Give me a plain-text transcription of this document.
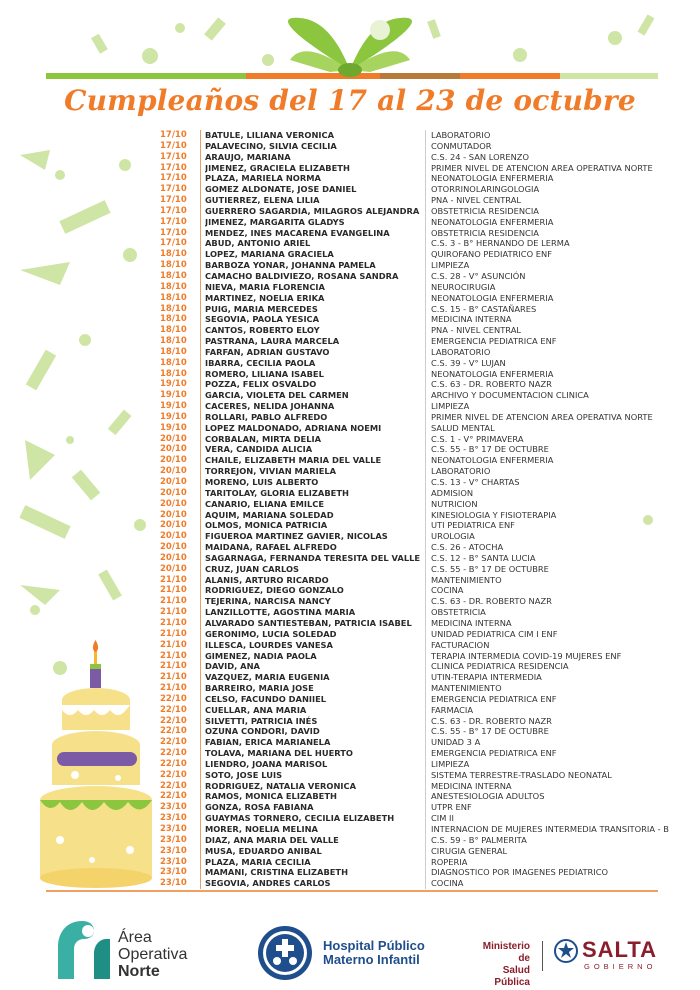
Cumpleaños del 17 al 23 de octubre
17/10	BATULE, LILIANA VERONICA	LABORATORIO
17/10	PALAVECINO, SILVIA CECILIA	CONMUTADOR
17/10	ARAUJO, MARIANA	C.S. 24 - SAN LORENZO
17/10	JIMENEZ, GRACIELA ELIZABETH	PRIMER NIVEL DE ATENCION AREA OPERATIVA NORTE
17/10	PLAZA, MARIELA NORMA	NEONATOLOGIA ENFERMERIA
17/10	GOMEZ ALDONATE, JOSE DANIEL	OTORRINOLARINGOLOGIA
17/10	GUTIERREZ, ELENA LILIA	PNA - NIVEL CENTRAL
17/10	GUERRERO SAGARDIA, MILAGROS ALEJANDRA	OBSTETRICIA RESIDENCIA
17/10	JIMENEZ, MARGARITA GLADYS	NEONATOLOGIA ENFERMERIA
17/10	MENDEZ, INES MACARENA EVANGELINA	OBSTETRICIA RESIDENCIA
17/10	ABUD, ANTONIO ARIEL	C.S. 3 - B° HERNANDO DE LERMA
18/10	LOPEZ, MARIANA GRACIELA	QUIROFANO PEDIATRICO ENF
18/10	BARBOZA YONAR, JOHANNA PAMELA	LIMPIEZA
18/10	CAMACHO BALDIVIEZO, ROSANA SANDRA	C.S. 28 - V° ASUNCIÓN
18/10	NIEVA, MARIA FLORENCIA	NEUROCIRUGIA
18/10	MARTINEZ, NOELIA ERIKA	NEONATOLOGIA ENFERMERIA
18/10	PUIG, MARIA MERCEDES	C.S. 15 - B° CASTAÑARES
18/10	SEGOVIA, PAOLA YESICA	MEDICINA INTERNA
18/10	CANTOS, ROBERTO ELOY	PNA - NIVEL CENTRAL
18/10	PASTRANA, LAURA MARCELA	EMERGENCIA PEDIATRICA ENF
18/10	FARFAN, ADRIAN GUSTAVO	LABORATORIO
18/10	IBARRA, CECILIA PAOLA	C.S. 39 - V° LUJAN
18/10	ROMERO, LILIANA ISABEL	NEONATOLOGIA ENFERMERIA
19/10	POZZA, FELIX OSVALDO	C.S. 63 - DR. ROBERTO NAZR
19/10	GARCIA, VIOLETA DEL CARMEN	ARCHIVO Y DOCUMENTACION CLINICA
19/10	CACERES, NELIDA JOHANNA	LIMPIEZA
19/10	ROLLARI, PABLO ALFREDO	PRIMER NIVEL DE ATENCION AREA OPERATIVA NORTE
19/10	LOPEZ MALDONADO, ADRIANA NOEMI	SALUD MENTAL
20/10	CORBALAN, MIRTA DELIA	C.S. 1 - V° PRIMAVERA
20/10	VERA, CANDIDA ALICIA	C.S. 55 - B° 17 DE OCTUBRE
20/10	CHAILE, ELIZABETH MARIA DEL VALLE	NEONATOLOGIA ENFERMERIA
20/10	TORREJON, VIVIAN MARIELA	LABORATORIO
20/10	MORENO, LUIS ALBERTO	C.S. 13 - V° CHARTAS
20/10	TARITOLAY, GLORIA ELIZABETH	ADMISION
20/10	CANARIO, ELIANA EMILCE	NUTRICION
20/10	AQUIM, MARIANA SOLEDAD	KINESIOLOGIA Y FISIOTERAPIA
20/10	OLMOS, MONICA PATRICIA	UTI PEDIATRICA ENF
20/10	FIGUEROA MARTINEZ GAVIER, NICOLAS	UROLOGIA
20/10	MAIDANA, RAFAEL ALFREDO	C.S. 26 - ATOCHA
20/10	SAGARNAGA, FERNANDA TERESITA DEL VALLE	C.S. 12 - B° SANTA LUCIA
20/10	CRUZ, JUAN CARLOS	C.S. 55 - B° 17 DE OCTUBRE
21/10	ALANIS, ARTURO RICARDO	MANTENIMIENTO
21/10	RODRIGUEZ, DIEGO GONZALO	COCINA
21/10	TEJERINA, NARCISA NANCY	C.S. 63 - DR. ROBERTO NAZR
21/10	LANZILLOTTE, AGOSTINA MARIA	OBSTETRICIA
21/10	ALVARADO SANTIESTEBAN, PATRICIA ISABEL	MEDICINA INTERNA
21/10	GERONIMO, LUCIA SOLEDAD	UNIDAD PEDIATRICA CIM I ENF
21/10	ILLESCA, LOURDES VANESA	FACTURACION
21/10	GIMENEZ, NADIA PAOLA	TERAPIA INTERMEDIA COVID-19 MUJERES ENF
21/10	DAVID, ANA	CLINICA PEDIATRICA RESIDENCIA
21/10	VAZQUEZ, MARIA EUGENIA	UTIN-TERAPIA INTERMEDIA
21/10	BARREIRO, MARIA JOSE	MANTENIMIENTO
22/10	CELSO, FACUNDO DANIIEL	EMERGENCIA PEDIATRICA ENF
22/10	CUELLAR, ANA MARIA	FARMACIA
22/10	SILVETTI, PATRICIA INÉS	C.S. 63 - DR. ROBERTO NAZR
22/10	OZUNA CONDORI, DAVID	C.S. 55 - B° 17 DE OCTUBRE
22/10	FABIAN, ERICA MARIANELA	UNIDAD 3 A
22/10	TOLAVA, MARIANA DEL HUERTO	EMERGENCIA PEDIATRICA ENF
22/10	LIENDRO, JOANA MARISOL	LIMPIEZA
22/10	SOTO, JOSE LUIS	SISTEMA TERRESTRE-TRASLADO NEONATAL
22/10	RODRIGUEZ, NATALIA VERONICA	MEDICINA INTERNA
22/10	RAMOS, MONICA ELIZABETH	ANESTESIOLOGIA ADULTOS
23/10	GONZA, ROSA FABIANA	UTPR ENF
23/10	GUAYMAS TORNERO, CECILIA ELIZABETH	CIM II
23/10	MORER, NOELIA MELINA	INTERNACION DE MUJERES INTERMEDIA TRANSITORIA - B
23/10	DIAZ, ANA MARIA DEL VALLE	C.S. 59 - B° PALMERITA
23/10	MUSA, EDUARDO ANIBAL	CIRUGIA GENERAL
23/10	PLAZA, MARIA CECILIA	ROPERIA
23/10	MAMANI, CRISTINA ELIZABETH	DIAGNOSTICO POR IMAGENES PEDIATRICO
23/10	SEGOVIA, ANDRES CARLOS	COCINA
Área
Operativa
Norte
Hospital Público
Materno Infantil
Ministerio de
Salud Pública
SALTA
GOBIERNO
